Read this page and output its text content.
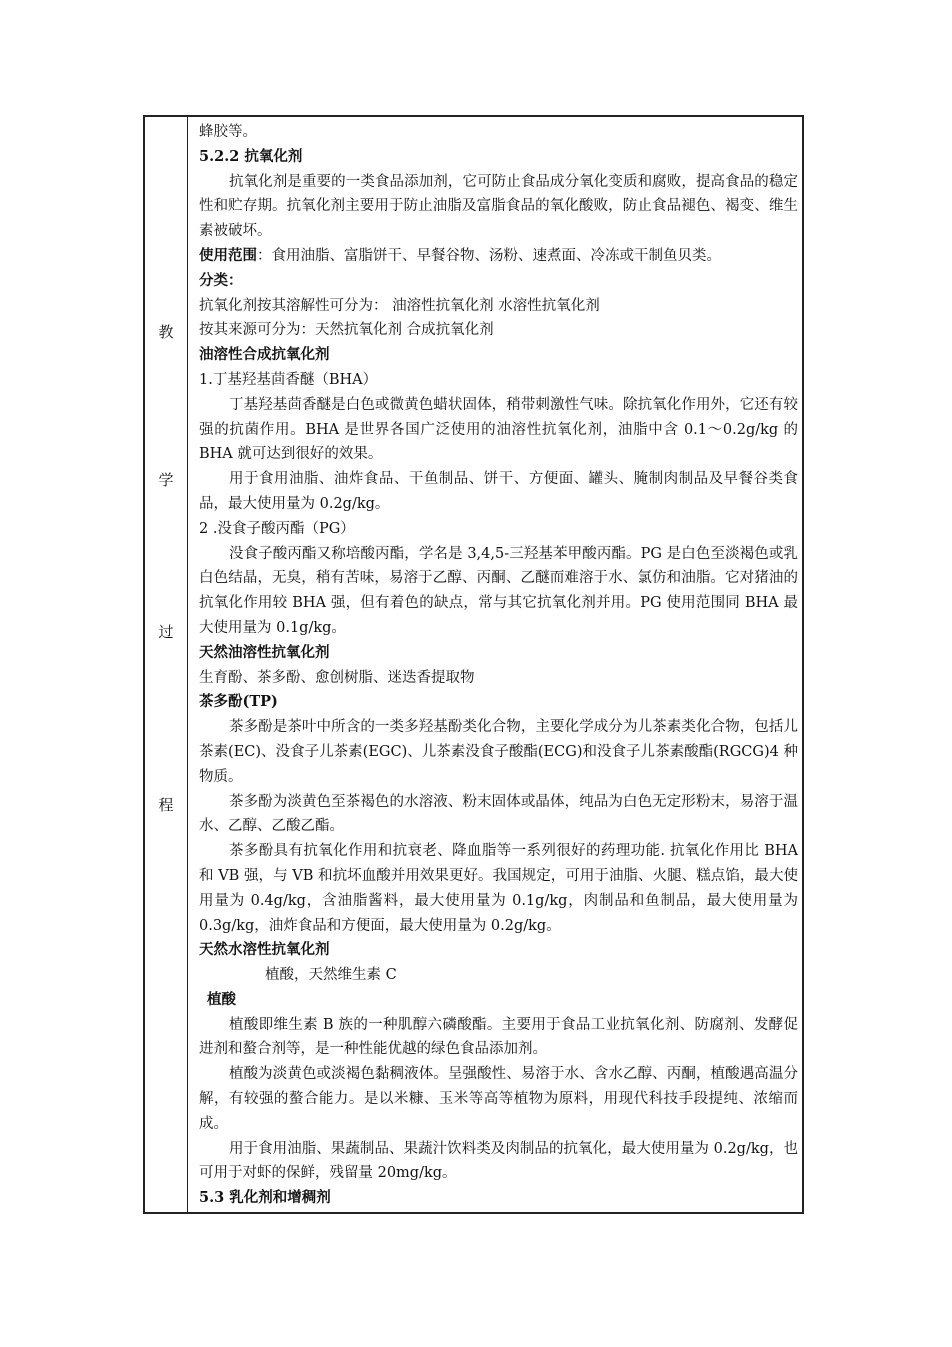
教
学
过
程

蜂胶等。

5.2.2 抗氧化剂

抗氧化剂是重要的一类食品添加剂，它可防止食品成分氧化变质和腐败，提高食品的稳定性和贮存期。抗氧化剂主要用于防止油脂及富脂食品的氧化酸败，防止食品褪色、褐变、维生素被破坏。

使用范围：食用油脂、富脂饼干、早餐谷物、汤粉、速煮面、冷冻或干制鱼贝类。

分类：

抗氧化剂按其溶解性可分为： 油溶性抗氧化剂 水溶性抗氧化剂

按其来源可分为：天然抗氧化剂 合成抗氧化剂

油溶性合成抗氧化剂

1.丁基羟基茴香醚（BHA）

丁基羟基茴香醚是白色或微黄色蜡状固体，稍带刺激性气味。除抗氧化作用外，它还有较强的抗菌作用。BHA 是世界各国广泛使用的油溶性抗氧化剂，油脂中含 0.1～0.2g/kg 的 BHA 就可达到很好的效果。

用于食用油脂、油炸食品、干鱼制品、饼干、方便面、罐头、腌制肉制品及早餐谷类食品，最大使用量为 0.2g/kg。

2 .没食子酸丙酯（PG）

没食子酸丙酯又称培酸丙酯，学名是 3,4,5-三羟基苯甲酸丙酯。PG 是白色至淡褐色或乳白色结晶，无臭，稍有苦味，易溶于乙醇、丙酮、乙醚而难溶于水、氯仿和油脂。它对猪油的抗氧化作用较 BHA 强，但有着色的缺点，常与其它抗氧化剂并用。PG 使用范围同 BHA 最大使用量为 0.1g/kg。

天然油溶性抗氧化剂

生育酚、茶多酚、愈创树脂、迷迭香提取物

茶多酚(TP)

茶多酚是茶叶中所含的一类多羟基酚类化合物，主要化学成分为儿茶素类化合物，包括儿茶素(EC)、没食子儿茶素(EGC)、儿茶素没食子酸酯(ECG)和没食子儿茶素酸酯(RGCG)4 种物质。

茶多酚为淡黄色至茶褐色的水溶液、粉末固体或晶体，纯品为白色无定形粉末，易溶于温水、乙醇、乙酸乙酯。

茶多酚具有抗氧化作用和抗衰老、降血脂等一系列很好的药理功能. 抗氧化作用比 BHA 和 VB 强，与 VB 和抗坏血酸并用效果更好。我国规定，可用于油脂、火腿、糕点馅，最大使用量为 0.4g/kg，含油脂酱料，最大使用量为 0.1g/kg，肉制品和鱼制品，最大使用量为 0.3g/kg，油炸食品和方便面，最大使用量为 0.2g/kg。

天然水溶性抗氧化剂

植酸，天然维生素 C

植酸

植酸即维生素 B 族的一种肌醇六磷酸酯。主要用于食品工业抗氧化剂、防腐剂、发酵促进剂和螯合剂等，是一种性能优越的绿色食品添加剂。

植酸为淡黄色或淡褐色黏稠液体。呈强酸性、易溶于水、含水乙醇、丙酮，植酸遇高温分解，有较强的螯合能力。是以米糠、玉米等高等植物为原料，用现代科技手段提纯、浓缩而成。

用于食用油脂、果蔬制品、果蔬汁饮料类及肉制品的抗氧化，最大使用量为 0.2g/kg，也可用于对虾的保鲜，残留量 20mg/kg。

5.3 乳化剂和增稠剂
